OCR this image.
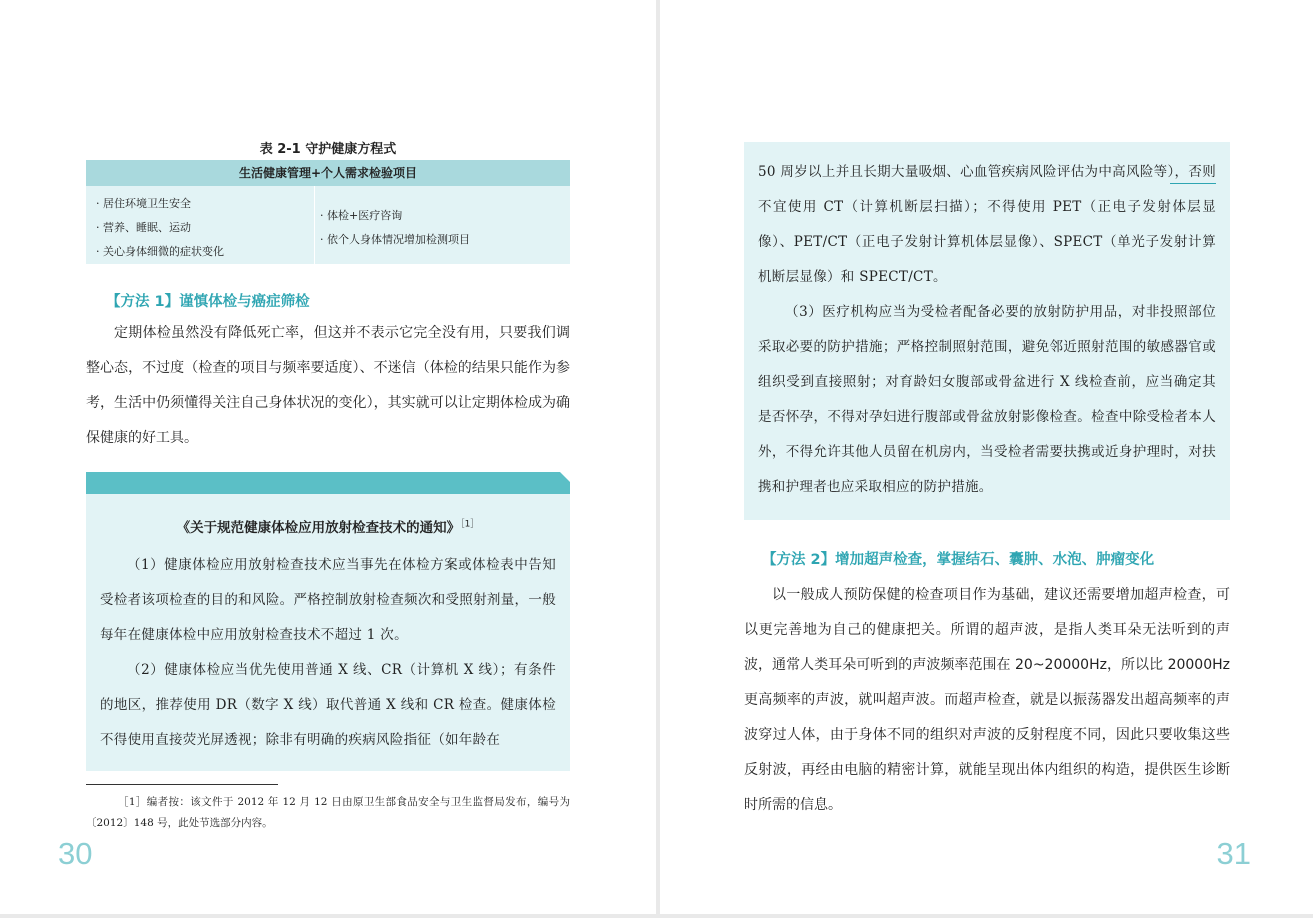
表 2-1 守护健康方程式
生活健康管理+个人需求检验项目
· 居住环境卫生安全
· 营养、睡眠、运动
· 关心身体细微的症状变化
· 体检+医疗咨询
· 依个人身体情况增加检测项目
【方法 1】谨慎体检与癌症筛检

定期体检虽然没有降低死亡率，但这并不表示它完全没有用，只要我们调整心态，不过度（检查的项目与频率要适度）、不迷信（体检的结果只能作为参考，生活中仍须懂得关注自己身体状况的变化），其实就可以让定期体检成为确保健康的好工具。

《关于规范健康体检应用放射检查技术的通知》$^{[1]}$

（1）健康体检应用放射检查技术应当事先在体检方案或体检表中告知受检者该项检查的目的和风险。严格控制放射检查频次和受照射剂量，一般每年在健康体检中应用放射检查技术不超过 1 次。

（2）健康体检应当优先使用普通 X 线、CR（计算机 X 线）；有条件的地区，推荐使用 DR（数字 X 线）取代普通 X 线和 CR 检查。健康体检不得使用直接荧光屏透视；除非有明确的疾病风险指征（如年龄在

［1］编者按：该文件于 2012 年 12 月 12 日由原卫生部食品安全与卫生监督局发布，编号为〔2012〕148 号，此处节选部分内容。

30

50 周岁以上并且长期大量吸烟、心血管疾病风险评估为中高风险等），否则不宜使用 CT（计算机断层扫描）；不得使用 PET（正电子发射体层显像）、PET/CT（正电子发射计算机体层显像）、SPECT（单光子发射计算机断层显像）和 SPECT/CT。

（3）医疗机构应当为受检者配备必要的放射防护用品，对非投照部位采取必要的防护措施；严格控制照射范围，避免邻近照射范围的敏感器官或组织受到直接照射；对育龄妇女腹部或骨盆进行 X 线检查前，应当确定其是否怀孕，不得对孕妇进行腹部或骨盆放射影像检查。检查中除受检者本人外，不得允许其他人员留在机房内，当受检者需要扶携或近身护理时，对扶携和护理者也应采取相应的防护措施。

【方法 2】增加超声检查，掌握结石、囊肿、水泡、肿瘤变化

以一般成人预防保健的检查项目作为基础，建议还需要增加超声检查，可以更完善地为自己的健康把关。所谓的超声波，是指人类耳朵无法听到的声波，通常人类耳朵可听到的声波频率范围在 20~20000Hz，所以比 20000Hz 更高频率的声波，就叫超声波。而超声检查，就是以振荡器发出超高频率的声波穿过人体，由于身体不同的组织对声波的反射程度不同，因此只要收集这些反射波，再经由电脑的精密计算，就能呈现出体内组织的构造，提供医生诊断时所需的信息。

31
